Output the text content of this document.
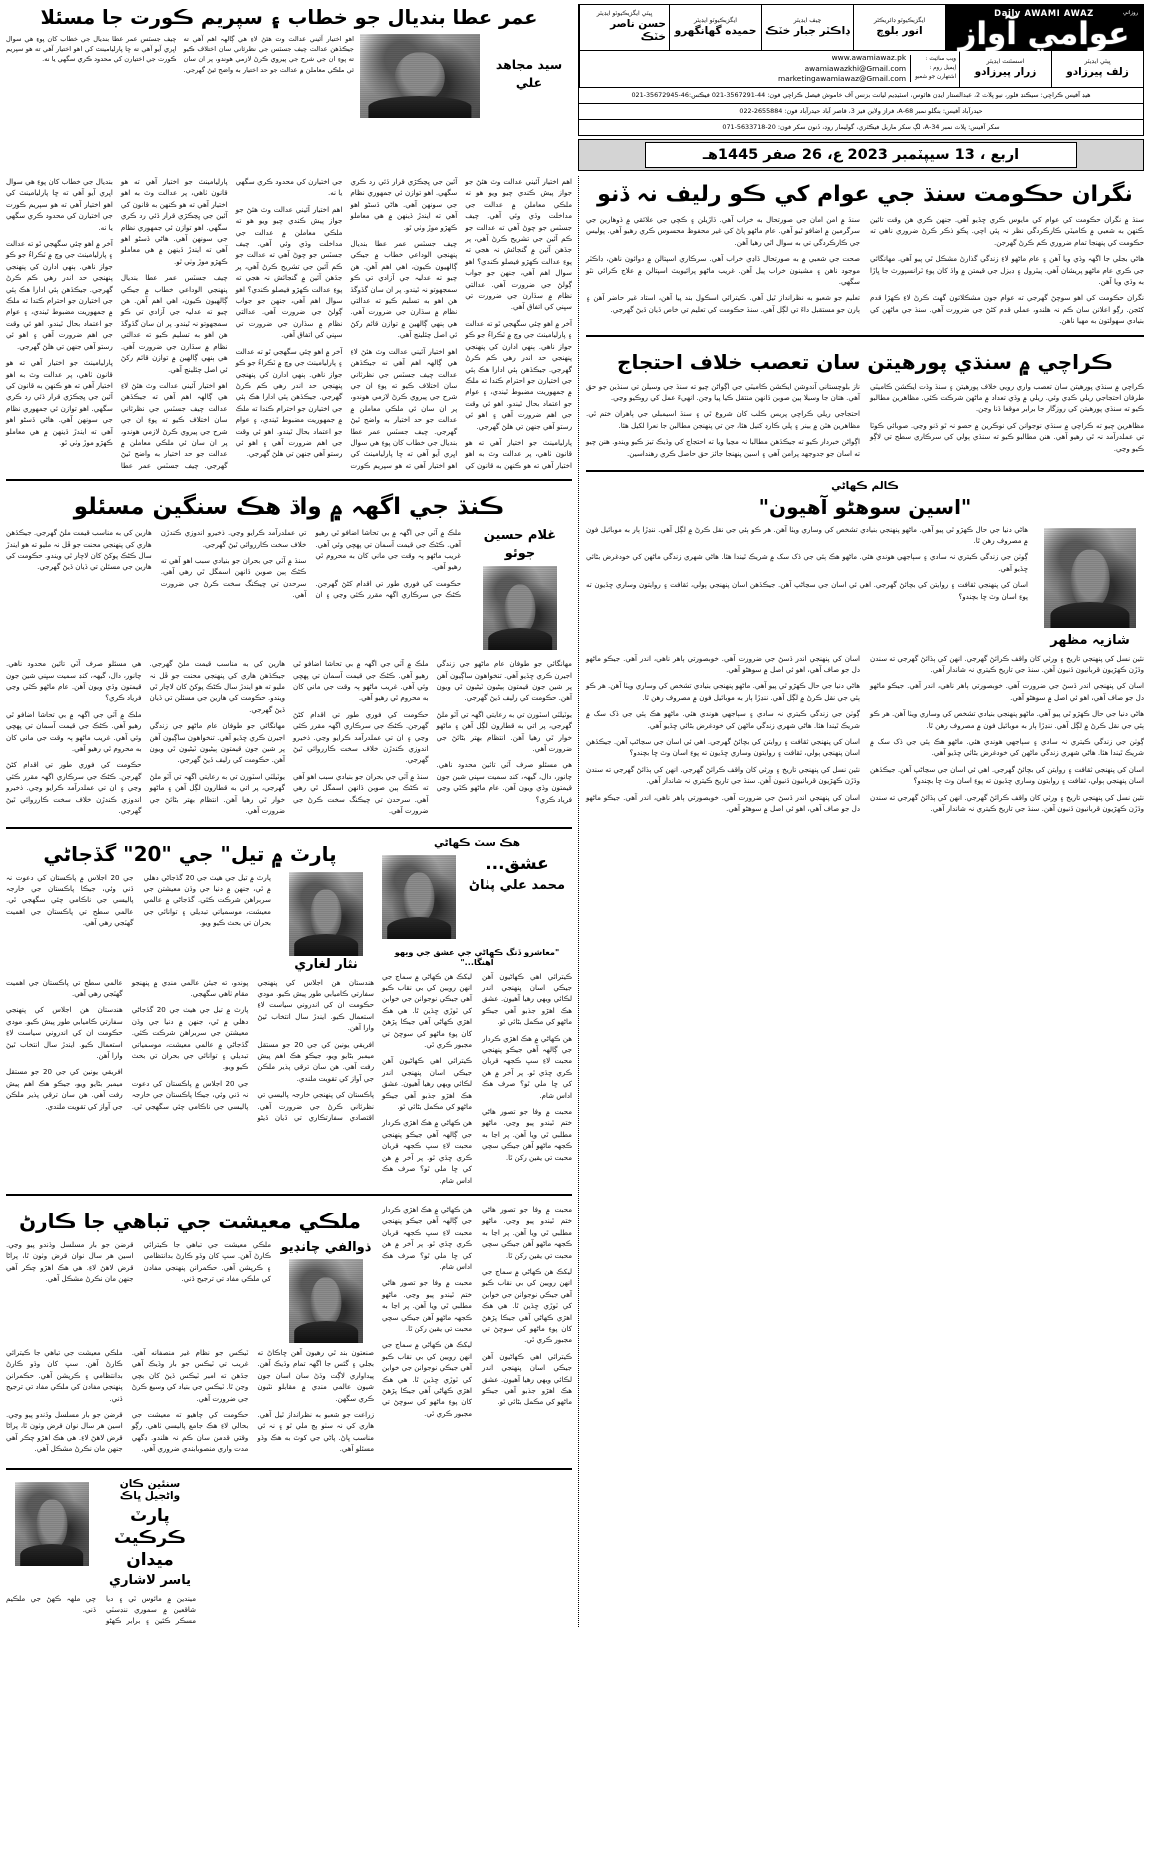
روزاني
Daily AWAMI AWAZ
عوامي آواز
ايگزيڪيوٽو ڊائريڪٽر
انور بلوچ
چيف ايڊيٽر
ڊاڪٽر جبار خٽڪ
ايگزيڪيوٽو ايڊيٽر
حميده گهانگهرو
ڀيٽي ايگزيڪيوٽو ايڊيٽر
حسن ناصر خٽڪ
ڀيٽي ايڊيٽر
زلف پيرزادو
اسسٽنٽ ايڊيٽر
زرار پيرزادو
ويب سائيٽ :
اِيميل روم :
اشتهارن جو شعبو
www.awamiawaz.pk
awamiawazkhi@Gmail.com
marketingawamiawaz@Gmail.com
هيڊ آفيس ڪراچي: سيڪنڊ فلور، نيو پلاٽ 2، عبدالستار ايڊن هائوس، اسٽيڊيم ليانت بزنس آف خاموش فيصل ڪراچي فون: 44-3567291-021 فيڪس:46-35672945-021
حيدرآباد آفيس: بنگلو نمبر 68-A، فراز ولاين فيز 3، قاصر آباد حيدرآباد فون: 2655884-022
سکر آفيس: پلاٽ نمبر 34-A، لڳ سکر ماربل فيڪٽري، گوليمار روڊ، ڏنون سکر فون: 20-5633718-071
عمر عطا بنديال جو خطاب ۽ سپريم ڪورت جا مسئلا
سيد مجاهد علي

اهو اختيار آئيني عدالت وٽ هئڻ لاءِ هي ڳالهہ اهم آهي ته جيڪڏهن عدالت چيف جسٽس جي نظرثاني سان اختلاف ڪيو ته پوءِ ان جي شرح جي پيروي ڪرڻ لازمي هوندو، پر ان سان ئي ملڪي معاملن ۾ عدالت جو حد اختيار به واضح ٿيڻ گهرجي. چيف جسٽس عمر عطا بنديال جي خطاب کان پوءِ هي سوال اڀري آيو آهي ته ڇا پارليامينٽ کي اهو اختيار آهي ته هو سپريم ڪورت جي اختيارن کي محدود ڪري سگهي يا نه.

اربع ، 13 سيپٽمبر 2023 ع، 26 صفر 1445هـ
نگران حڪومت سنڌ جي عوام کي ڪو رليف نہ ڏنو

سنڌ ۾ نگران حڪومت کي عوام کي مايوس ڪري ڇڏيو آهي. جنهن ڪري هن وقت تائين ڪنهن به شعبي ۾ ڪاميٽي ڪارڪردگي نظر نہ پئي اچي. پڪو ذڪر ڪرڻ ضروري ناهي ته حڪومت کي پنهنجا تمام ضروري ڪم ڪرڻ گهرجن.

هاڻي بجلي جا اگهہ وڌي ويا آهن ۽ عام ماڻهو لاءِ زندگي گذارڻ مشڪل ٿي پيو آهي. مهانگائي جي ڪري عام ماڻهو پريشان آهي. پيٽرول ۽ ڊيزل جي قيمتن ۾ واڌ کان پوءِ ٽرانسپورٽ جا ڀاڙا به وڌي ويا آهن.

نگران حڪومت کي اهو سوچڻ گهرجي ته عوام جون مشڪلاتون گهٽ ڪرڻ لاءِ ڪهڙا قدم کڻجن. رڳو اعلانن سان ڪم نہ هلندو، عملي قدم کڻڻ جي ضرورت آهي. سنڌ جي ماڻهن کي بنيادي سهولتون به مهيا ناهن.

سنڌ ۾ امن امان جي صورتحال به خراب آهي. ڌاڙيلن ۽ ڪچي جي علائقي ۾ ڏوهارين جي سرگرمين ۾ اضافو ٿيو آهي. عام ماڻهو پاڻ کي غير محفوظ محسوس ڪري رهيو آهي. پوليس جي ڪارڪردگي تي به سوال اٿي رهيا آهن.

صحت جي شعبي ۾ به صورتحال ڏاڍي خراب آهي. سرڪاري اسپتالن ۾ دوائون ناهن، ڊاڪٽر موجود ناهن ۽ مشينون خراب پيل آهن. غريب ماڻهو پرائيويٽ اسپتالن ۾ علاج ڪرائي نٿو سگهي.

تعليم جو شعبو به نظرانداز ٿيل آهي. ڪيترائي اسڪول بند پيا آهن، استاد غير حاضر آهن ۽ ٻارن جو مستقبل داءَ تي لڳل آهي. سنڌ حڪومت کي تعليم تي خاص ڌيان ڏيڻ گهرجي.

ڪراچي ۾ سنڌي پورهيتن سان تعصب خلاف احتجاج

ڪراچي ۾ سنڌي پورهيتن سان تعصب واري رويي خلاف پورهيتن ۽ سنڌ وڏت ايڪشن ڪاميٽي طرفان احتجاجي ريلي ڪڍي وئي. ريلي ۾ وڏي تعداد ۾ ماڻهن شرڪت ڪئي. مظاهرين مطالبو ڪيو ته سنڌي پورهيتن کي روزگار جا برابر موقعا ڏنا وڃن.

مظاهرين چيو ته ڪراچي ۾ سنڌي نوجوانن کي نوڪرين ۾ حصو نہ ٿو ڏنو وڃي. صوبائي ڪوٽا تي عملدرآمد نہ ٿي رهيو آهي. هنن مطالبو ڪيو ته سنڌي ٻولي کي سرڪاري سطح تي لاڳو ڪيو وڃي.

ناز بلوچستاني آندوشن ايڪشن ڪاميٽي جي اڳواڻن چيو ته سنڌ جي وسيلن تي سنڌين جو حق آهي. هتان جا وسيلا ٻين صوبن ڏانهن منتقل ڪيا پيا وڃن. انهيءَ عمل کي روڪيو وڃي.

احتجاجي ريلي ڪراچي پريس ڪلب کان شروع ٿي ۽ سنڌ اسيمبلي جي ٻاهران ختم ٿي. مظاهرين هٿن ۾ بينر ۽ پلي ڪارڊ کنيل هئا، جن تي پنهنجن مطالبن جا نعرا لکيل هئا.

اڳواڻن خبردار ڪيو ته جيڪڏهن مطالبا نہ مڃيا ويا ته احتجاج کي وڌيڪ تيز ڪيو ويندو. هنن چيو ته اسان جو جدوجهد پرامن آهي ۽ اسين پنهنجا جائز حق حاصل ڪري رهنداسين.

ڪالم ڪهاڻي
"اسين سوهڻو آهيون"
شازيہ مظهر

هاڻي دنيا جي حال ڪهڙو ٿي پيو آهي. ماڻهو پنهنجي بنيادي تشخص کي وساري ويٺا آهن. هر ڪو ٻئي جي نقل ڪرڻ ۾ لڳل آهي. ننڍڙا ٻار به موبائيل فون ۾ مصروف رهن ٿا.

ڳوٺن جي زندگي ڪيتري نہ سادي ۽ سٻاجهي هوندي هئي. ماڻهو هڪ ٻئي جي ڏک سک ۾ شريڪ ٿيندا هئا. هاڻي شهري زندگي ماڻهن کي خودغرض بڻائي ڇڏيو آهي.

اسان کي پنهنجي ثقافت ۽ روايتن کي بچائڻ گهرجي. اهي ئي اسان جي سڃاڻپ آهن. جيڪڏهن اسان پنهنجي ٻولي، ثقافت ۽ روايتون وساري ڇڏيون ته پوءِ اسان وٽ ڇا بچندو؟

نئين نسل کي پنهنجي تاريخ ۽ ورثي کان واقف ڪرائڻ گهرجي. انهن کي ٻڌائڻ گهرجي ته سندن وڏڙن ڪهڙيون قربانيون ڏنيون آهن. سنڌ جي تاريخ ڪيتري نہ شاندار آهي.

اسان کي پنهنجي اندر ڏسڻ جي ضرورت آهي. خوبصورتي ٻاهر ناهي، اندر آهي. جيڪو ماڻهو دل جو صاف آهي، اهو ئي اصل ۾ سوهڻو آهي.

هاڻي دنيا جي حال ڪهڙو ٿي پيو آهي. ماڻهو پنهنجي بنيادي تشخص کي وساري ويٺا آهن. هر ڪو ٻئي جي نقل ڪرڻ ۾ لڳل آهي. ننڍڙا ٻار به موبائيل فون ۾ مصروف رهن ٿا.

ڳوٺن جي زندگي ڪيتري نہ سادي ۽ سٻاجهي هوندي هئي. ماڻهو هڪ ٻئي جي ڏک سک ۾ شريڪ ٿيندا هئا. هاڻي شهري زندگي ماڻهن کي خودغرض بڻائي ڇڏيو آهي.

اسان کي پنهنجي ثقافت ۽ روايتن کي بچائڻ گهرجي. اهي ئي اسان جي سڃاڻپ آهن. جيڪڏهن اسان پنهنجي ٻولي، ثقافت ۽ روايتون وساري ڇڏيون ته پوءِ اسان وٽ ڇا بچندو؟

نئين نسل کي پنهنجي تاريخ ۽ ورثي کان واقف ڪرائڻ گهرجي. انهن کي ٻڌائڻ گهرجي ته سندن وڏڙن ڪهڙيون قربانيون ڏنيون آهن. سنڌ جي تاريخ ڪيتري نہ شاندار آهي.

اسان کي پنهنجي اندر ڏسڻ جي ضرورت آهي. خوبصورتي ٻاهر ناهي، اندر آهي. جيڪو ماڻهو دل جو صاف آهي، اهو ئي اصل ۾ سوهڻو آهي.

هاڻي دنيا جي حال ڪهڙو ٿي پيو آهي. ماڻهو پنهنجي بنيادي تشخص کي وساري ويٺا آهن. هر ڪو ٻئي جي نقل ڪرڻ ۾ لڳل آهي. ننڍڙا ٻار به موبائيل فون ۾ مصروف رهن ٿا.

ڳوٺن جي زندگي ڪيتري نہ سادي ۽ سٻاجهي هوندي هئي. ماڻهو هڪ ٻئي جي ڏک سک ۾ شريڪ ٿيندا هئا. هاڻي شهري زندگي ماڻهن کي خودغرض بڻائي ڇڏيو آهي.

اسان کي پنهنجي ثقافت ۽ روايتن کي بچائڻ گهرجي. اهي ئي اسان جي سڃاڻپ آهن. جيڪڏهن اسان پنهنجي ٻولي، ثقافت ۽ روايتون وساري ڇڏيون ته پوءِ اسان وٽ ڇا بچندو؟

نئين نسل کي پنهنجي تاريخ ۽ ورثي کان واقف ڪرائڻ گهرجي. انهن کي ٻڌائڻ گهرجي ته سندن وڏڙن ڪهڙيون قربانيون ڏنيون آهن. سنڌ جي تاريخ ڪيتري نہ شاندار آهي.

اسان کي پنهنجي اندر ڏسڻ جي ضرورت آهي. خوبصورتي ٻاهر ناهي، اندر آهي. جيڪو ماڻهو دل جو صاف آهي، اهو ئي اصل ۾ سوهڻو آهي.

اهم اختيار آئيني عدالت وٽ هئڻ جو جواز پيش ڪندي چيو ويو هو ته ملڪي معاملن ۾ عدالت جي مداخلت وڌي وئي آهي. چيف جسٽس جو چوڻ آهي ته عدالت جو ڪم آئين جي تشريح ڪرڻ آهي، پر جڏهن آئين ۾ گنجائش نہ هجي ته پوءِ عدالت ڪهڙو فيصلو ڪندي؟ اهو سوال اهم آهي، جنهن جو جواب ڳولڻ جي ضرورت آهي. عدالتي نظام ۾ سڌارن جي ضرورت تي سڀني کي اتفاق آهي.

آخر ۾ اهو چئي سگهجي ٿو ته عدالت ۽ پارليامينٽ جي وچ ۾ ٽڪراءُ جو ڪو جواز ناهي. ٻنهي ادارن کي پنهنجي پنهنجي حد اندر رهي ڪم ڪرڻ گهرجي. جيڪڏهن ٻئي ادارا هڪ ٻئي جي اختيارن جو احترام ڪندا ته ملڪ ۾ جمهوريت مضبوط ٿيندي، ۽ عوام جو اعتماد بحال ٿيندو. اهو ئي وقت جي اهم ضرورت آهي ۽ اهو ئي رستو آهي جنهن تي هلڻ گهرجي.

پارليامينٽ جو اختيار آهي ته هو قانون ٺاهي، پر عدالت وٽ به اهو اختيار آهي ته هو ڪنهن به قانون کي آئين جي ڀڃڪڙي قرار ڏئي رد ڪري سگهي. اهو توازن ئي جمهوري نظام جي سونهن آهي. هاڻي ڏسڻو اهو آهي ته ايندڙ ڏينهن ۾ هي معاملو ڪهڙو موڙ وٺي ٿو.

چيف جسٽس عمر عطا بنديال پنهنجي الوداعي خطاب ۾ جيڪي ڳالهيون ڪيون، اهي اهم آهن. هن چيو ته عدليہ جي آزادي تي ڪو سمجهوتو نہ ٿيندو. پر ان سان گڏوگڏ هن اهو به تسليم ڪيو ته عدالتي نظام ۾ سڌارن جي ضرورت آهي. هي ٻنهي ڳالهين ۾ توازن قائم رکڻ ئي اصل چئلينج آهي.

اهو اختيار آئيني عدالت وٽ هئڻ لاءِ هي ڳالهہ اهم آهي ته جيڪڏهن عدالت چيف جسٽس جي نظرثاني سان اختلاف ڪيو ته پوءِ ان جي شرح جي پيروي ڪرڻ لازمي هوندو، پر ان سان ئي ملڪي معاملن ۾ عدالت جو حد اختيار به واضح ٿيڻ گهرجي. چيف جسٽس عمر عطا بنديال جي خطاب کان پوءِ هي سوال اڀري آيو آهي ته ڇا پارليامينٽ کي اهو اختيار آهي ته هو سپريم ڪورت جي اختيارن کي محدود ڪري سگهي يا نه.

اهم اختيار آئيني عدالت وٽ هئڻ جو جواز پيش ڪندي چيو ويو هو ته ملڪي معاملن ۾ عدالت جي مداخلت وڌي وئي آهي. چيف جسٽس جو چوڻ آهي ته عدالت جو ڪم آئين جي تشريح ڪرڻ آهي، پر جڏهن آئين ۾ گنجائش نہ هجي ته پوءِ عدالت ڪهڙو فيصلو ڪندي؟ اهو سوال اهم آهي، جنهن جو جواب ڳولڻ جي ضرورت آهي. عدالتي نظام ۾ سڌارن جي ضرورت تي سڀني کي اتفاق آهي.

آخر ۾ اهو چئي سگهجي ٿو ته عدالت ۽ پارليامينٽ جي وچ ۾ ٽڪراءُ جو ڪو جواز ناهي. ٻنهي ادارن کي پنهنجي پنهنجي حد اندر رهي ڪم ڪرڻ گهرجي. جيڪڏهن ٻئي ادارا هڪ ٻئي جي اختيارن جو احترام ڪندا ته ملڪ ۾ جمهوريت مضبوط ٿيندي، ۽ عوام جو اعتماد بحال ٿيندو. اهو ئي وقت جي اهم ضرورت آهي ۽ اهو ئي رستو آهي جنهن تي هلڻ گهرجي.

پارليامينٽ جو اختيار آهي ته هو قانون ٺاهي، پر عدالت وٽ به اهو اختيار آهي ته هو ڪنهن به قانون کي آئين جي ڀڃڪڙي قرار ڏئي رد ڪري سگهي. اهو توازن ئي جمهوري نظام جي سونهن آهي. هاڻي ڏسڻو اهو آهي ته ايندڙ ڏينهن ۾ هي معاملو ڪهڙو موڙ وٺي ٿو.

چيف جسٽس عمر عطا بنديال پنهنجي الوداعي خطاب ۾ جيڪي ڳالهيون ڪيون، اهي اهم آهن. هن چيو ته عدليہ جي آزادي تي ڪو سمجهوتو نہ ٿيندو. پر ان سان گڏوگڏ هن اهو به تسليم ڪيو ته عدالتي نظام ۾ سڌارن جي ضرورت آهي. هي ٻنهي ڳالهين ۾ توازن قائم رکڻ ئي اصل چئلينج آهي.

اهو اختيار آئيني عدالت وٽ هئڻ لاءِ هي ڳالهہ اهم آهي ته جيڪڏهن عدالت چيف جسٽس جي نظرثاني سان اختلاف ڪيو ته پوءِ ان جي شرح جي پيروي ڪرڻ لازمي هوندو، پر ان سان ئي ملڪي معاملن ۾ عدالت جو حد اختيار به واضح ٿيڻ گهرجي. چيف جسٽس عمر عطا بنديال جي خطاب کان پوءِ هي سوال اڀري آيو آهي ته ڇا پارليامينٽ کي اهو اختيار آهي ته هو سپريم ڪورت جي اختيارن کي محدود ڪري سگهي يا نه.

آخر ۾ اهو چئي سگهجي ٿو ته عدالت ۽ پارليامينٽ جي وچ ۾ ٽڪراءُ جو ڪو جواز ناهي. ٻنهي ادارن کي پنهنجي پنهنجي حد اندر رهي ڪم ڪرڻ گهرجي. جيڪڏهن ٻئي ادارا هڪ ٻئي جي اختيارن جو احترام ڪندا ته ملڪ ۾ جمهوريت مضبوط ٿيندي، ۽ عوام جو اعتماد بحال ٿيندو. اهو ئي وقت جي اهم ضرورت آهي ۽ اهو ئي رستو آهي جنهن تي هلڻ گهرجي.

پارليامينٽ جو اختيار آهي ته هو قانون ٺاهي، پر عدالت وٽ به اهو اختيار آهي ته هو ڪنهن به قانون کي آئين جي ڀڃڪڙي قرار ڏئي رد ڪري سگهي. اهو توازن ئي جمهوري نظام جي سونهن آهي. هاڻي ڏسڻو اهو آهي ته ايندڙ ڏينهن ۾ هي معاملو ڪهڙو موڙ وٺي ٿو.

ڪنڌ جي اگهہ ۾ واڌ هڪ سنگين مسئلو
غلام حسين جوئو

ملڪ ۾ آٽي جي اگهہ ۾ بي تحاشا اضافو ٿي رهيو آهي. ڪڻڪ جي قيمت آسمان تي پهچي وئي آهي. غريب ماڻهو ٻہ وقت جي ماني کان به محروم ٿي رهيو آهي.

حڪومت کي فوري طور تي اقدام کڻڻ گهرجن. ڪڻڪ جي سرڪاري اگهہ مقرر ڪئي وڃي ۽ ان تي عملدرآمد ڪرايو وڃي. ذخيرو اندوزي ڪندڙن خلاف سخت ڪارروائي ٿيڻ گهرجي.

سنڌ ۾ آٽي جي بحران جو بنيادي سبب اهو آهي ته ڪڻڪ ٻين صوبن ڏانهن اسمگل ٿي رهي آهي. سرحدن تي چيڪنگ سخت ڪرڻ جي ضرورت آهي.

هارين کي به مناسب قيمت ملڻ گهرجي. جيڪڏهن هاري کي پنهنجي محنت جو ڦل نہ مليو ته هو ايندڙ سال ڪڻڪ پوکڻ کان لاچار ٿي ويندو. حڪومت کي هارين جي مسئلن تي ڌيان ڏيڻ گهرجي.

مهانگائي جو طوفان عام ماڻهو جي زندگي اجيرن ڪري ڇڏيو آهي. تنخواهون ساڳيون آهن پر شين جون قيمتون ٻيڻيون ٽيڻيون ٿي ويون آهن. حڪومت کي رليف ڏيڻ گهرجي.

يوٽيلٽي اسٽورن تي به رعايتي اگهہ تي آٽو ملڻ گهرجي، پر اتي به قطارون لڳل آهن ۽ ماڻهو خوار ٿي رهيا آهن. انتظام بهتر بڻائڻ جي ضرورت آهي.

هي مسئلو صرف آٽي تائين محدود ناهي. چانور، دال، گيهہ، کنڊ سميت سڀني شين جون قيمتون وڌي ويون آهن. عام ماڻهو ڪٿي وڃي فرياد ڪري؟

ملڪ ۾ آٽي جي اگهہ ۾ بي تحاشا اضافو ٿي رهيو آهي. ڪڻڪ جي قيمت آسمان تي پهچي وئي آهي. غريب ماڻهو ٻہ وقت جي ماني کان به محروم ٿي رهيو آهي.

حڪومت کي فوري طور تي اقدام کڻڻ گهرجن. ڪڻڪ جي سرڪاري اگهہ مقرر ڪئي وڃي ۽ ان تي عملدرآمد ڪرايو وڃي. ذخيرو اندوزي ڪندڙن خلاف سخت ڪارروائي ٿيڻ گهرجي.

سنڌ ۾ آٽي جي بحران جو بنيادي سبب اهو آهي ته ڪڻڪ ٻين صوبن ڏانهن اسمگل ٿي رهي آهي. سرحدن تي چيڪنگ سخت ڪرڻ جي ضرورت آهي.

هارين کي به مناسب قيمت ملڻ گهرجي. جيڪڏهن هاري کي پنهنجي محنت جو ڦل نہ مليو ته هو ايندڙ سال ڪڻڪ پوکڻ کان لاچار ٿي ويندو. حڪومت کي هارين جي مسئلن تي ڌيان ڏيڻ گهرجي.

مهانگائي جو طوفان عام ماڻهو جي زندگي اجيرن ڪري ڇڏيو آهي. تنخواهون ساڳيون آهن پر شين جون قيمتون ٻيڻيون ٽيڻيون ٿي ويون آهن. حڪومت کي رليف ڏيڻ گهرجي.

يوٽيلٽي اسٽورن تي به رعايتي اگهہ تي آٽو ملڻ گهرجي، پر اتي به قطارون لڳل آهن ۽ ماڻهو خوار ٿي رهيا آهن. انتظام بهتر بڻائڻ جي ضرورت آهي.

هي مسئلو صرف آٽي تائين محدود ناهي. چانور، دال، گيهہ، کنڊ سميت سڀني شين جون قيمتون وڌي ويون آهن. عام ماڻهو ڪٿي وڃي فرياد ڪري؟

ملڪ ۾ آٽي جي اگهہ ۾ بي تحاشا اضافو ٿي رهيو آهي. ڪڻڪ جي قيمت آسمان تي پهچي وئي آهي. غريب ماڻهو ٻہ وقت جي ماني کان به محروم ٿي رهيو آهي.

حڪومت کي فوري طور تي اقدام کڻڻ گهرجن. ڪڻڪ جي سرڪاري اگهہ مقرر ڪئي وڃي ۽ ان تي عملدرآمد ڪرايو وڃي. ذخيرو اندوزي ڪندڙن خلاف سخت ڪارروائي ٿيڻ گهرجي.

هڪ سٽ ڪهاڻي
عشق...
محمد علي پٺاڻ
"معاشرو ڏنگ ڪهاڻي جي عشق جي ويهو آهنگا..."

ڪيترائي اهي ڪهاڻيون آهن جيڪي اسان پنهنجي اندر لڪائي ويهي رهيا آهيون. عشق هڪ اهڙو جذبو آهي جيڪو ماڻهو کي مڪمل بڻائي ٿو.

هن ڪهاڻي ۾ هڪ اهڙي ڪردار جي ڳالهہ آهي جيڪو پنهنجي محبت لاءِ سڀ ڪجهہ قربان ڪري ڇڏي ٿو. پر آخر ۾ هن کي ڇا ملي ٿو؟ صرف هڪ اداس شام.

محبت ۾ وفا جو تصور هاڻي ختم ٿيندو پيو وڃي. ماڻهو مطلبي ٿي ويا آهن. پر اڃا به ڪجهہ ماڻهو آهن جيڪي سچي محبت تي يقين رکن ٿا.

ليکڪ هن ڪهاڻي ۾ سماج جي انهن رويين کي بي نقاب ڪيو آهي جيڪي نوجوانن جي خوابن کي ٽوڙي ڇڏين ٿا. هي هڪ اهڙي ڪهاڻي آهي جيڪا پڙهڻ کان پوءِ ماڻهو کي سوچڻ تي مجبور ڪري ٿي.

ڪيترائي اهي ڪهاڻيون آهن جيڪي اسان پنهنجي اندر لڪائي ويهي رهيا آهيون. عشق هڪ اهڙو جذبو آهي جيڪو ماڻهو کي مڪمل بڻائي ٿو.

هن ڪهاڻي ۾ هڪ اهڙي ڪردار جي ڳالهہ آهي جيڪو پنهنجي محبت لاءِ سڀ ڪجهہ قربان ڪري ڇڏي ٿو. پر آخر ۾ هن کي ڇا ملي ٿو؟ صرف هڪ اداس شام.

پارٽ ۾ تيل" جي "20" گڏجاڻي
نثار لغاري

پارٽ ۾ تيل جي هيٺ جي 20 گڏجاڻي دهلي ۾ ٿي، جنهن ۾ دنيا جي وڏن معيشتن جي سربراهن شرڪت ڪئي. گڏجاڻي ۾ عالمي معيشت، موسمياتي تبديلي ۽ توانائي جي بحران تي بحث ڪيو ويو.

جي 20 اجلاس ۾ پاڪستان کي دعوت نہ ڏني وئي، جيڪا پاڪستان جي خارجہ پاليسي جي ناڪامي چئي سگهجي ٿي. عالمي سطح تي پاڪستان جي اهميت گهٽجي رهي آهي.

هندستان هن اجلاس کي پنهنجي سفارتي ڪاميابي طور پيش ڪيو. مودي حڪومت ان کي اندروني سياست لاءِ استعمال ڪيو. ايندڙ سال انتخاب ٿيڻ وارا آهن.

افريقي يونين کي جي 20 جو مستقل ميمبر بڻايو ويو، جيڪو هڪ اهم پيش رفت آهي. هن سان ترقي پذير ملڪن جي آواز کي تقويت ملندي.

پاڪستان کي پنهنجي خارجہ پاليسي تي نظرثاني ڪرڻ جي ضرورت آهي. اقتصادي سفارتڪاري تي ڌيان ڏيڻو پوندو، ته جيئن عالمي منڊي ۾ پنهنجو مقام ٺاهي سگهجي.

پارٽ ۾ تيل جي هيٺ جي 20 گڏجاڻي دهلي ۾ ٿي، جنهن ۾ دنيا جي وڏن معيشتن جي سربراهن شرڪت ڪئي. گڏجاڻي ۾ عالمي معيشت، موسمياتي تبديلي ۽ توانائي جي بحران تي بحث ڪيو ويو.

جي 20 اجلاس ۾ پاڪستان کي دعوت نہ ڏني وئي، جيڪا پاڪستان جي خارجہ پاليسي جي ناڪامي چئي سگهجي ٿي. عالمي سطح تي پاڪستان جي اهميت گهٽجي رهي آهي.

هندستان هن اجلاس کي پنهنجي سفارتي ڪاميابي طور پيش ڪيو. مودي حڪومت ان کي اندروني سياست لاءِ استعمال ڪيو. ايندڙ سال انتخاب ٿيڻ وارا آهن.

افريقي يونين کي جي 20 جو مستقل ميمبر بڻايو ويو، جيڪو هڪ اهم پيش رفت آهي. هن سان ترقي پذير ملڪن جي آواز کي تقويت ملندي.

محبت ۾ وفا جو تصور هاڻي ختم ٿيندو پيو وڃي. ماڻهو مطلبي ٿي ويا آهن. پر اڃا به ڪجهہ ماڻهو آهن جيڪي سچي محبت تي يقين رکن ٿا.

ليکڪ هن ڪهاڻي ۾ سماج جي انهن رويين کي بي نقاب ڪيو آهي جيڪي نوجوانن جي خوابن کي ٽوڙي ڇڏين ٿا. هي هڪ اهڙي ڪهاڻي آهي جيڪا پڙهڻ کان پوءِ ماڻهو کي سوچڻ تي مجبور ڪري ٿي.

ڪيترائي اهي ڪهاڻيون آهن جيڪي اسان پنهنجي اندر لڪائي ويهي رهيا آهيون. عشق هڪ اهڙو جذبو آهي جيڪو ماڻهو کي مڪمل بڻائي ٿو.

هن ڪهاڻي ۾ هڪ اهڙي ڪردار جي ڳالهہ آهي جيڪو پنهنجي محبت لاءِ سڀ ڪجهہ قربان ڪري ڇڏي ٿو. پر آخر ۾ هن کي ڇا ملي ٿو؟ صرف هڪ اداس شام.

محبت ۾ وفا جو تصور هاڻي ختم ٿيندو پيو وڃي. ماڻهو مطلبي ٿي ويا آهن. پر اڃا به ڪجهہ ماڻهو آهن جيڪي سچي محبت تي يقين رکن ٿا.

ليکڪ هن ڪهاڻي ۾ سماج جي انهن رويين کي بي نقاب ڪيو آهي جيڪي نوجوانن جي خوابن کي ٽوڙي ڇڏين ٿا. هي هڪ اهڙي ڪهاڻي آهي جيڪا پڙهڻ کان پوءِ ماڻهو کي سوچڻ تي مجبور ڪري ٿي.

ملڪي معيشت جي تباهي جا ڪارڻ
ذوالفي چانڊيو

ملڪي معيشت جي تباهي جا ڪيترائي ڪارڻ آهن. سڀ کان وڏو ڪارڻ بدانتظامي ۽ ڪرپشن آهي. حڪمرانن پنهنجي مفادن کي ملڪي مفاد تي ترجيح ڏني.

قرضن جو بار مسلسل وڌندو پيو وڃي. اسين هر سال نوان قرض وٺون ٿا، پراڻا قرض لاهڻ لاءِ. هي هڪ اهڙو چڪر آهي جنهن مان نڪرڻ مشڪل آهي.

صنعتون بند ٿي رهيون آهن ڇاڪاڻ ته بجلي ۽ گئس جا اگهہ تمام وڌيڪ آهن. پيداواري لاڳت وڌڻ سان اسان جون شيون عالمي منڊي ۾ مقابلو نٿيون ڪري سگهن.

زراعت جو شعبو به نظرانداز ٿيل آهي. هاري کي نہ سٺو ٻج ملي ٿو ۽ نہ ئي مناسب ڀاڻ. پاڻي جي کوٽ به هڪ وڏو مسئلو آهي.

ٽيڪس جو نظام غير منصفانه آهي. غريب تي ٽيڪس جو بار وڌيڪ آهي جڏهن ته امير ٽيڪس ڏيڻ کان بچي وڃن ٿا. ٽيڪس جي بنياد کي وسيع ڪرڻ جي ضرورت آهي.

حڪومت کي چاهيو ته معيشت جي بحالي لاءِ هڪ جامع پاليسي ٺاهي. رڳو وقتي قدمن سان ڪم نہ هلندو. ڊگهي مدت واري منصوبابندي ضروري آهي.

ملڪي معيشت جي تباهي جا ڪيترائي ڪارڻ آهن. سڀ کان وڏو ڪارڻ بدانتظامي ۽ ڪرپشن آهي. حڪمرانن پنهنجي مفادن کي ملڪي مفاد تي ترجيح ڏني.

قرضن جو بار مسلسل وڌندو پيو وڃي. اسين هر سال نوان قرض وٺون ٿا، پراڻا قرض لاهڻ لاءِ. هي هڪ اهڙو چڪر آهي جنهن مان نڪرڻ مشڪل آهي.

سنئين ڪان واڻجيل ڀاڪ
پارٽ ڪرڪيٽ ميدان
ياسر لاشاري

ميندين ۾ مائوس ٽي ۽ ديا شاقعين ۾ سموري ننڊسٽي مسڪر ڪئين ۽ برابر ڪهڻو چي ملهہ ڪهڻ جي ملڪيم ڏني.
